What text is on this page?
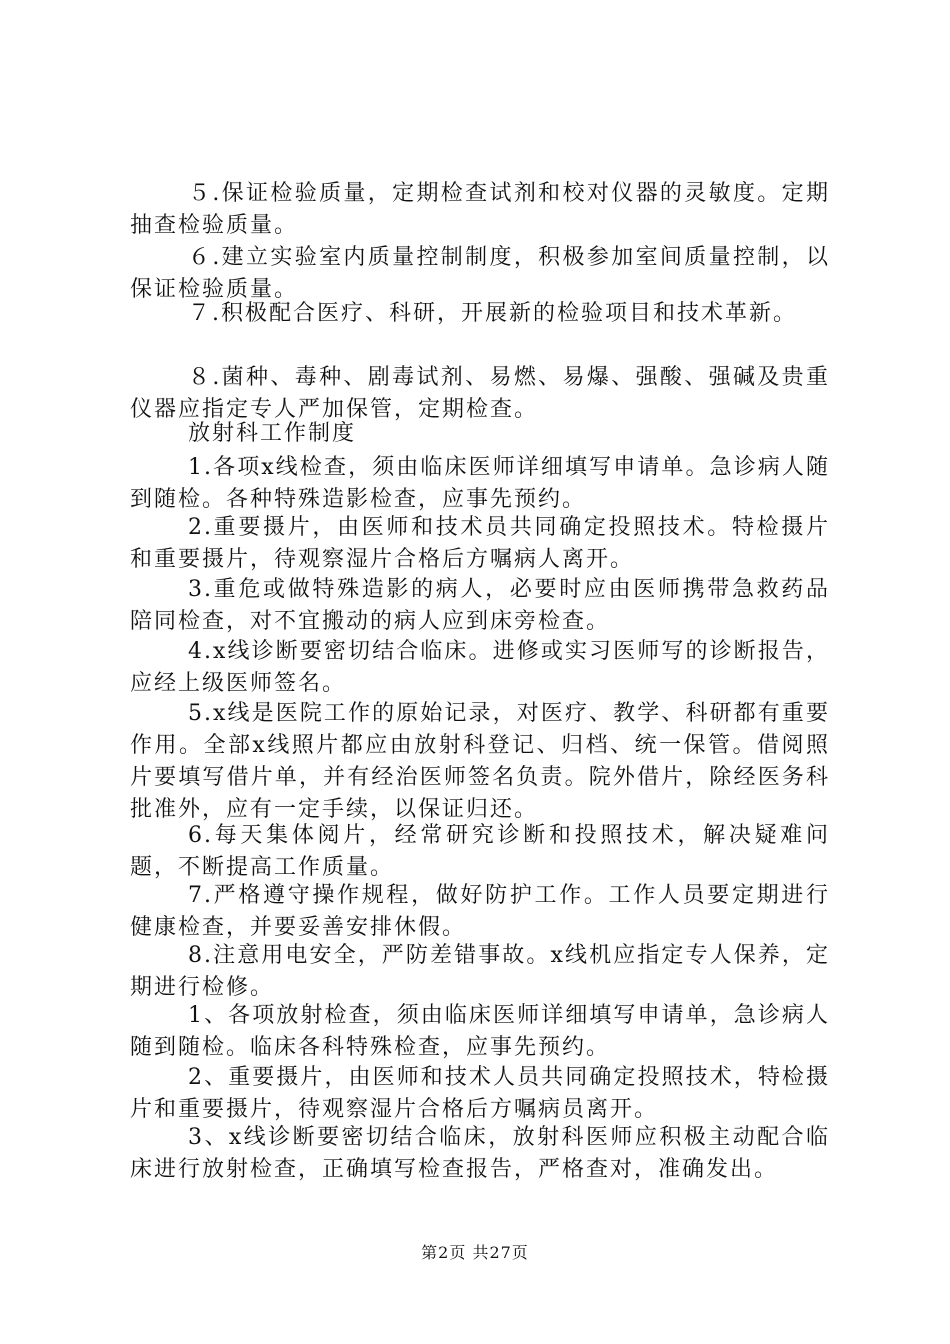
５.保证检验质量，定期检查试剂和校对仪器的灵敏度。定期抽查检验质量。

６.建立实验室内质量控制制度，积极参加室间质量控制，以保证检验质量。

７.积极配合医疗、科研，开展新的检验项目和技术革新。

８.菌种、毒种、剧毒试剂、易燃、易爆、强酸、强碱及贵重仪器应指定专人严加保管，定期检查。

放射科工作制度

1.各项x线检查，须由临床医师详细填写申请单。急诊病人随到随检。各种特殊造影检查，应事先预约。

2.重要摄片，由医师和技术员共同确定投照技术。特检摄片和重要摄片，待观察湿片合格后方嘱病人离开。

3.重危或做特殊造影的病人，必要时应由医师携带急救药品陪同检查，对不宜搬动的病人应到床旁检查。

4.x线诊断要密切结合临床。进修或实习医师写的诊断报告，应经上级医师签名。

5.x线是医院工作的原始记录，对医疗、教学、科研都有重要作用。全部x线照片都应由放射科登记、归档、统一保管。借阅照片要填写借片单，并有经治医师签名负责。院外借片，除经医务科批准外，应有一定手续，以保证归还。

6.每天集体阅片，经常研究诊断和投照技术，解决疑难问题，不断提高工作质量。

7.严格遵守操作规程，做好防护工作。工作人员要定期进行健康检查，并要妥善安排休假。

8.注意用电安全，严防差错事故。x线机应指定专人保养，定期进行检修。

1、各项放射检查，须由临床医师详细填写申请单，急诊病人随到随检。临床各科特殊检查，应事先预约。

2、重要摄片，由医师和技术人员共同确定投照技术，特检摄片和重要摄片，待观察湿片合格后方嘱病员离开。

3、x线诊断要密切结合临床，放射科医师应积极主动配合临床进行放射检查，正确填写检查报告，严格查对，准确发出。

第2页 共27页
